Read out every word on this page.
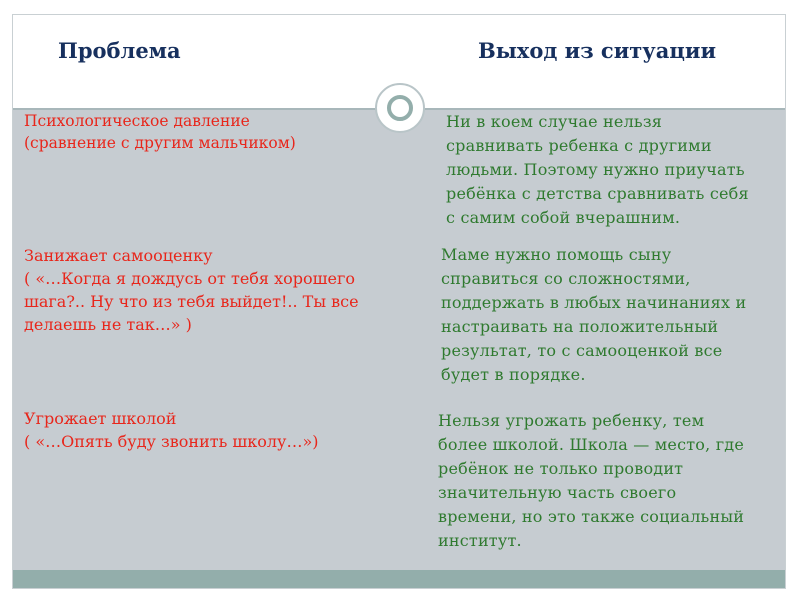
Проблема	Выход из ситуации
Психологическое давление
(сравнение с другим мальчиком)
Ни в коем случае нельзя
сравнивать ребенка с другими
людьми. Поэтому нужно приучать
ребёнка с детства сравнивать себя
с самим собой вчерашним.
Занижает самооценку
( «…Когда я дождусь от тебя хорошего
шага?.. Ну что из тебя выйдет!.. Ты все
делаешь не так…» )
Маме нужно помощь сыну
справиться со сложностями,
поддержать в любых начинаниях и
настраивать на положительный
результат, то с самооценкой все
будет в порядке.
Угрожает школой
( «…Опять буду звонить школу…»)
Нельзя угрожать ребенку, тем
более школой. Школа — место, где
ребёнок не только проводит
значительную часть своего
времени, но это также социальный
институт.
